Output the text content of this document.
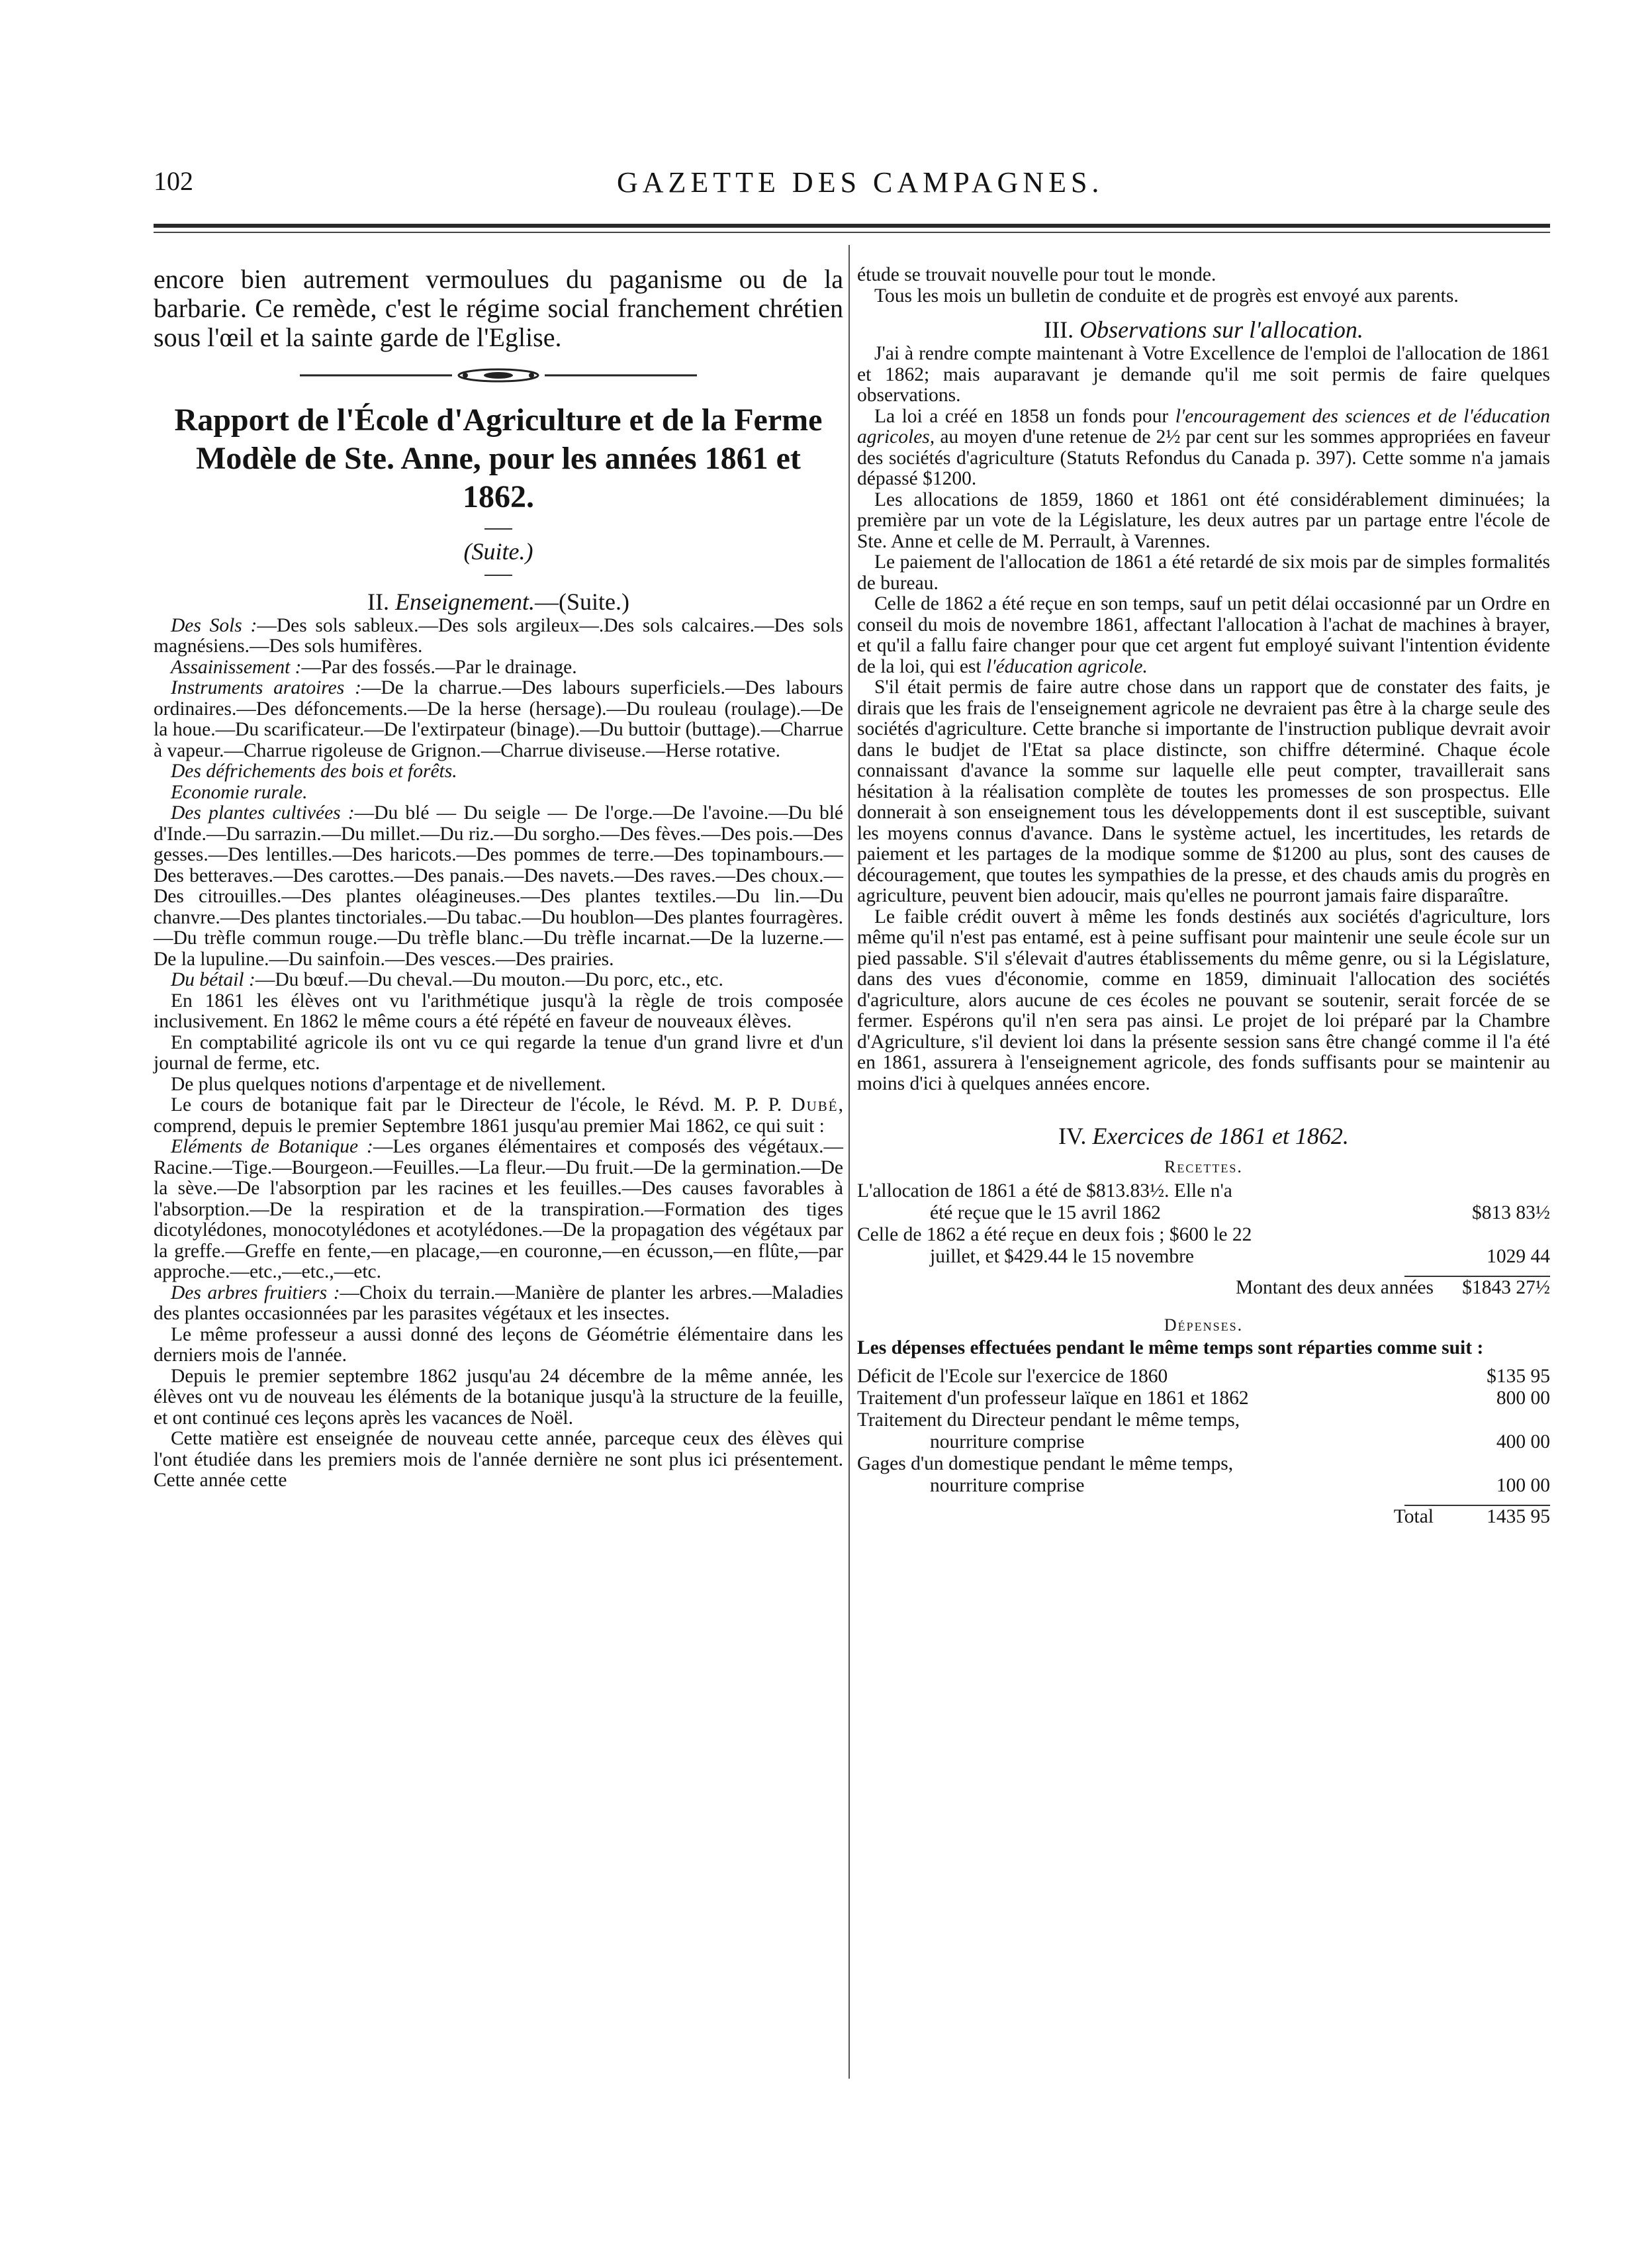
102	GAZETTE DES CAMPAGNES.

encore bien autrement vermoulues du paganisme ou de la barbarie. Ce remède, c'est le régime social franchement chrétien sous l'œil et la sainte garde de l'Eglise.

Rapport de l'École d'Agriculture et de la Ferme Modèle de Ste. Anne, pour les années 1861 et 1862.

(Suite.)

II. Enseignement.—(Suite.)

Des Sols :—Des sols sableux.—Des sols argileux—.Des sols calcaires.—Des sols magnésiens.—Des sols humifères.

Assainissement :—Par des fossés.—Par le drainage.

Instruments aratoires :—De la charrue.—Des labours superficiels.—Des labours ordinaires.—Des défoncements.—De la herse (hersage).—Du rouleau (roulage).—De la houe.—Du scarificateur.—De l'extirpateur (binage).—Du buttoir (buttage).—Charrue à vapeur.—Charrue rigoleuse de Grignon.—Charrue diviseuse.—Herse rotative.

Des défrichements des bois et forêts.

Economie rurale.

Des plantes cultivées :—Du blé — Du seigle — De l'orge.—De l'avoine.—Du blé d'Inde.—Du sarrazin.—Du millet.—Du riz.—Du sorgho.—Des fèves.—Des pois.—Des gesses.—Des lentilles.—Des haricots.—Des pommes de terre.—Des topinambours.—Des betteraves.—Des carottes.—Des panais.—Des navets.—Des raves.—Des choux.—Des citrouilles.—Des plantes oléagineuses.—Des plantes textiles.—Du lin.—Du chanvre.—Des plantes tinctoriales.—Du tabac.—Du houblon—Des plantes fourragères.—Du trèfle commun rouge.—Du trèfle blanc.—Du trèfle incarnat.—De la luzerne.—De la lupuline.—Du sainfoin.—Des vesces.—Des prairies.

Du bétail :—Du bœuf.—Du cheval.—Du mouton.—Du porc, etc., etc.

En 1861 les élèves ont vu l'arithmétique jusqu'à la règle de trois composée inclusivement. En 1862 le même cours a été répété en faveur de nouveaux élèves.

En comptabilité agricole ils ont vu ce qui regarde la tenue d'un grand livre et d'un journal de ferme, etc.

De plus quelques notions d'arpentage et de nivellement.

Le cours de botanique fait par le Directeur de l'école, le Révd. M. P. P. Dubé, comprend, depuis le premier Septembre 1861 jusqu'au premier Mai 1862, ce qui suit :

Eléments de Botanique :—Les organes élémentaires et composés des végétaux.—Racine.—Tige.—Bourgeon.—Feuilles.—La fleur.—Du fruit.—De la germination.—De la sève.—De l'absorption par les racines et les feuilles.—Des causes favorables à l'absorption.—De la respiration et de la transpiration.—Formation des tiges dicotylédones, monocotylédones et acotylédones.—De la propagation des végétaux par la greffe.—Greffe en fente,—en placage,—en couronne,—en écusson,—en flûte,—par approche.—etc.,—etc.,—etc.

Des arbres fruitiers :—Choix du terrain.—Manière de planter les arbres.—Maladies des plantes occasionnées par les parasites végétaux et les insectes.

Le même professeur a aussi donné des leçons de Géométrie élémentaire dans les derniers mois de l'année.

Depuis le premier septembre 1862 jusqu'au 24 décembre de la même année, les élèves ont vu de nouveau les éléments de la botanique jusqu'à la structure de la feuille, et ont continué ces leçons après les vacances de Noël.

Cette matière est enseignée de nouveau cette année, parceque ceux des élèves qui l'ont étudiée dans les premiers mois de l'année dernière ne sont plus ici présentement. Cette année cette

étude se trouvait nouvelle pour tout le monde.

Tous les mois un bulletin de conduite et de progrès est envoyé aux parents.

III. Observations sur l'allocation.

J'ai à rendre compte maintenant à Votre Excellence de l'emploi de l'allocation de 1861 et 1862; mais auparavant je demande qu'il me soit permis de faire quelques observations.

La loi a créé en 1858 un fonds pour l'encouragement des sciences et de l'éducation agricoles, au moyen d'une retenue de 2½ par cent sur les sommes appropriées en faveur des sociétés d'agriculture (Statuts Refondus du Canada p. 397). Cette somme n'a jamais dépassé $1200.

Les allocations de 1859, 1860 et 1861 ont été considérablement diminuées; la première par un vote de la Législature, les deux autres par un partage entre l'école de Ste. Anne et celle de M. Perrault, à Varennes.

Le paiement de l'allocation de 1861 a été retardé de six mois par de simples formalités de bureau.

Celle de 1862 a été reçue en son temps, sauf un petit délai occasionné par un Ordre en conseil du mois de novembre 1861, affectant l'allocation à l'achat de machines à brayer, et qu'il a fallu faire changer pour que cet argent fut employé suivant l'intention évidente de la loi, qui est l'éducation agricole.

S'il était permis de faire autre chose dans un rapport que de constater des faits, je dirais que les frais de l'enseignement agricole ne devraient pas être à la charge seule des sociétés d'agriculture. Cette branche si importante de l'instruction publique devrait avoir dans le budjet de l'Etat sa place distincte, son chiffre déterminé. Chaque école connaissant d'avance la somme sur laquelle elle peut compter, travaillerait sans hésitation à la réalisation complète de toutes les promesses de son prospectus. Elle donnerait à son enseignement tous les développements dont il est susceptible, suivant les moyens connus d'avance. Dans le système actuel, les incertitudes, les retards de paiement et les partages de la modique somme de $1200 au plus, sont des causes de découragement, que toutes les sympathies de la presse, et des chauds amis du progrès en agriculture, peuvent bien adoucir, mais qu'elles ne pourront jamais faire disparaître.

Le faible crédit ouvert à même les fonds destinés aux sociétés d'agriculture, lors même qu'il n'est pas entamé, est à peine suffisant pour maintenir une seule école sur un pied passable. S'il s'élevait d'autres établissements du même genre, ou si la Législature, dans des vues d'économie, comme en 1859, diminuait l'allocation des sociétés d'agriculture, alors aucune de ces écoles ne pouvant se soutenir, serait forcée de se fermer. Espérons qu'il n'en sera pas ainsi. Le projet de loi préparé par la Chambre d'Agriculture, s'il devient loi dans la présente session sans être changé comme il l'a été en 1861, assurera à l'enseignement agricole, des fonds suffisants pour se maintenir au moins d'ici à quelques années encore.

IV. Exercices de 1861 et 1862.

Recettes.
L'allocation de 1861 a été de $813.83½. Elle n'a	
été reçue que le 15 avril 1862	$813 83½
Celle de 1862 a été reçue en deux fois ; $600 le 22	
juillet, et $429.44 le 15 novembre	1029 44

Montant des deux années	$1843 27½
Dépenses.

Les dépenses effectuées pendant le même temps sont réparties comme suit :

Déficit de l'Ecole sur l'exercice de 1860	$135 95
Traitement d'un professeur laïque en 1861 et 1862	800 00
Traitement du Directeur pendant le même temps,	
nourriture comprise	400 00
Gages d'un domestique pendant le même temps,	
nourriture comprise	100 00

Total	1435 95
